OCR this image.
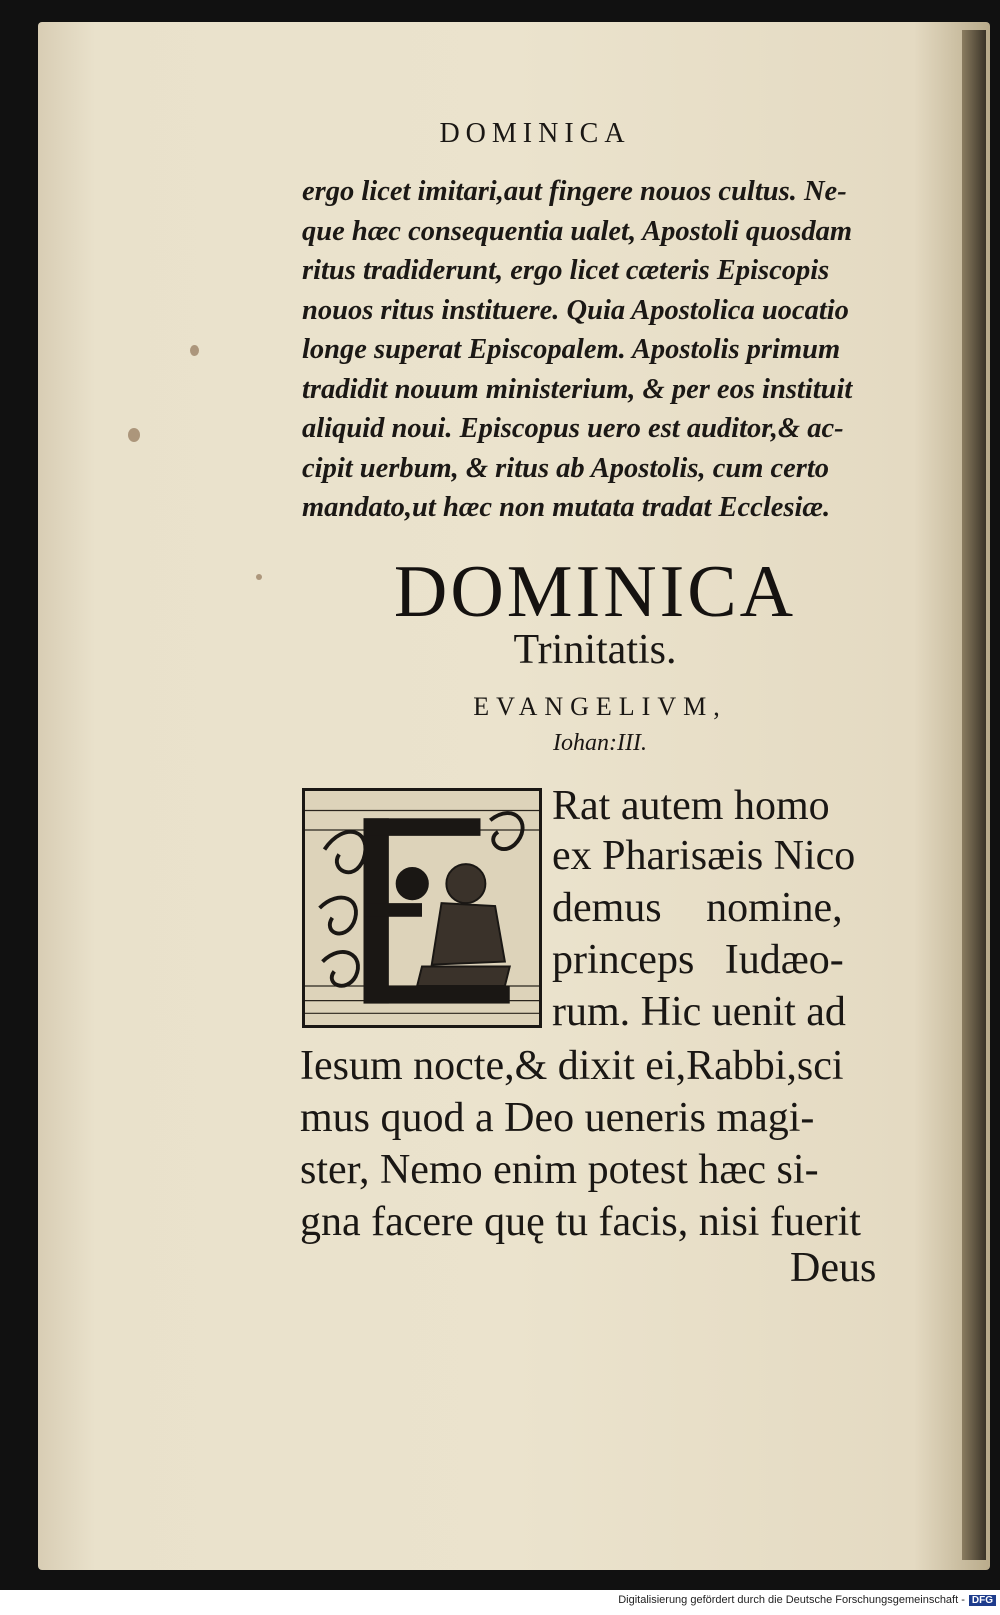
DOMINICA
ergo licet imitari,aut fingere nouos cultus. Ne-
que hæc consequentia ualet, Apostoli quosdam
ritus tradiderunt, ergo licet cæteris Episcopis
nouos ritus instituere. Quia Apostolica uocatio
longe superat Episcopalem. Apostolis primum
tradidit nouum ministerium, & per eos instituit
aliquid noui. Episcopus uero est auditor,& ac-
cipit uerbum, & ritus ab Apostolis, cum certo
mandato,ut hæc non mutata tradat Ecclesiæ.
DOMINICA
Trinitatis.
EVANGELIVM,
Iohan:III.
Rat autem homo
ex Pharisæis Nico
demus nomine,
princeps Iudæo-
rum. Hic uenit ad
Iesum nocte,& dixit ei,Rabbi,sci
mus quod a Deo ueneris magi-
ster, Nemo enim potest hæc si-
gna facere quę tu facis, nisi fuerit
Deus
Digitalisierung gefördert durch die Deutsche Forschungsgemeinschaft - DFG
